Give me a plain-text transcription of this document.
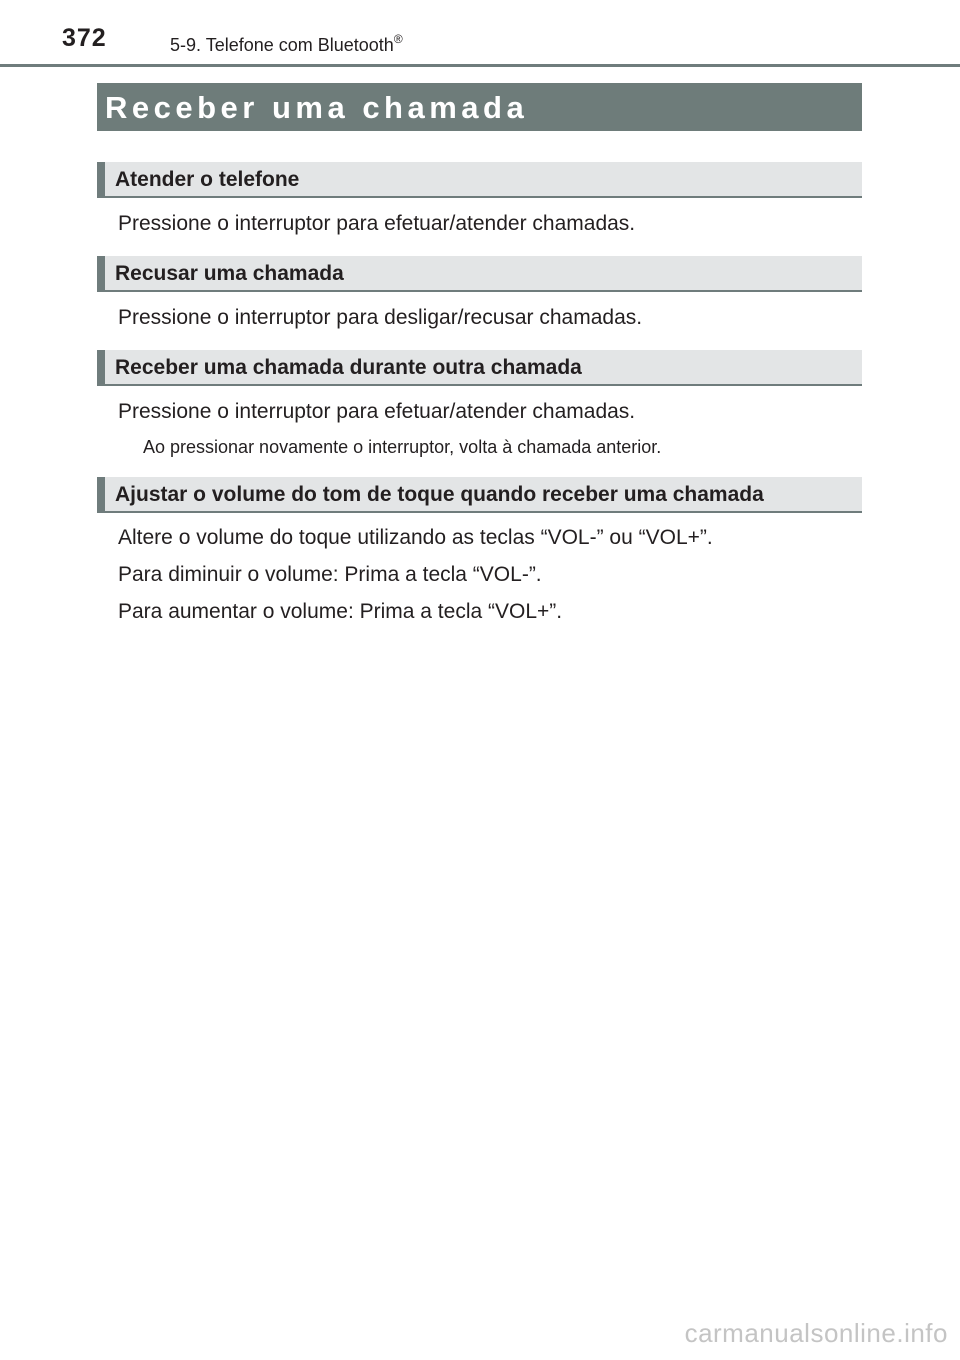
372	5-9. Telefone com Bluetooth®
Receber uma chamada
Atender o telefone
Pressione o interruptor para efetuar/atender chamadas.
Recusar uma chamada
Pressione o interruptor para desligar/recusar chamadas.
Receber uma chamada durante outra chamada
Pressione o interruptor para efetuar/atender chamadas.
Ao pressionar novamente o interruptor, volta à chamada anterior.
Ajustar o volume do tom de toque quando receber uma chamada
Altere o volume do toque utilizando as teclas “VOL-” ou “VOL+”.
Para diminuir o volume: Prima a tecla “VOL-”.
Para aumentar o volume: Prima a tecla “VOL+”.
carmanualsonline.info
